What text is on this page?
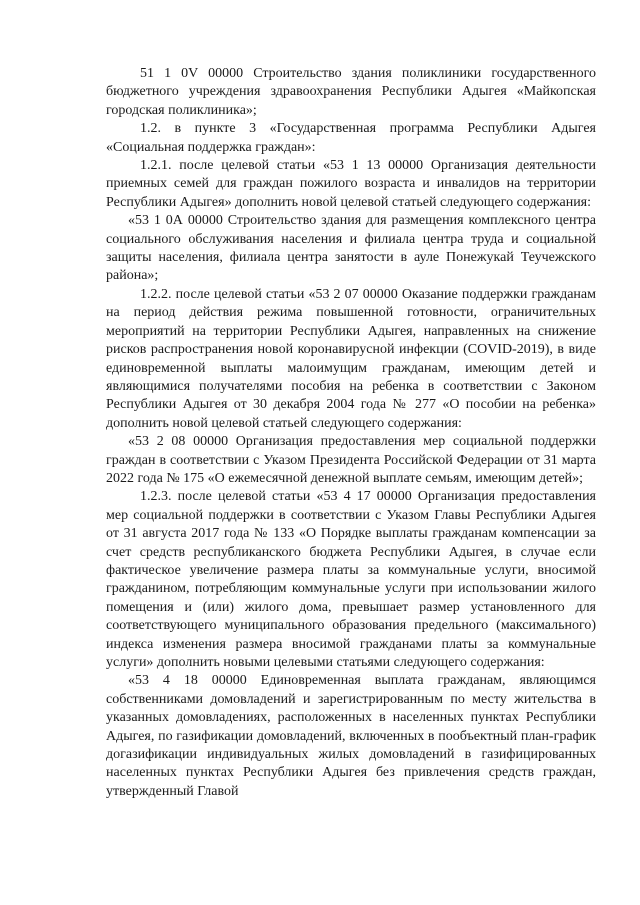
51 1 0V 00000 Строительство здания поликлиники государственного бюджетного учреждения здравоохранения Республики Адыгея «Майкопская городская поликлиника»;

1.2. в пункте 3 «Государственная программа Республики Адыгея «Социальная поддержка граждан»:

1.2.1. после целевой статьи «53 1 13 00000 Организация деятельности приемных семей для граждан пожилого возраста и инвалидов на территории Республики Адыгея» дополнить новой целевой статьей следующего содержания:

«53 1 0А 00000 Строительство здания для размещения комплексного центра социального обслуживания населения и филиала центра труда и социальной защиты населения, филиала центра занятости в ауле Понежукай Теучежского района»;

1.2.2. после целевой статьи «53 2 07 00000 Оказание поддержки гражданам на период действия режима повышенной готовности, ограничительных мероприятий на территории Республики Адыгея, направленных на снижение рисков распространения новой коронавирусной инфекции (COVID-2019), в виде единовременной выплаты малоимущим гражданам, имеющим детей и являющимися получателями пособия на ребенка в соответствии с Законом Республики Адыгея от 30 декабря 2004 года № 277 «О пособии на ребенка» дополнить новой целевой статьей следующего содержания:

«53 2 08 00000 Организация предоставления мер социальной поддержки граждан в соответствии с Указом Президента Российской Федерации от 31 марта 2022 года № 175 «О ежемесячной денежной выплате семьям, имеющим детей»;

1.2.3. после целевой статьи «53 4 17 00000 Организация предоставления мер социальной поддержки в соответствии с Указом Главы Республики Адыгея от 31 августа 2017 года № 133 «О Порядке выплаты гражданам компенсации за счет средств республиканского бюджета Республики Адыгея, в случае если фактическое увеличение размера платы за коммунальные услуги, вносимой гражданином, потребляющим коммунальные услуги при использовании жилого помещения и (или) жилого дома, превышает размер установленного для соответствующего муниципального образования предельного (максимального) индекса изменения размера вносимой гражданами платы за коммунальные услуги» дополнить новыми целевыми статьями следующего содержания:

«53 4 18 00000 Единовременная выплата гражданам, являющимся собственниками домовладений и зарегистрированным по месту жительства в указанных домовладениях, расположенных в населенных пунктах Республики Адыгея, по газификации домовладений, включенных в пообъектный план-график догазификации индивидуальных жилых домовладений в газифицированных населенных пунктах Республики Адыгея без привлечения средств граждан, утвержденный Главой
